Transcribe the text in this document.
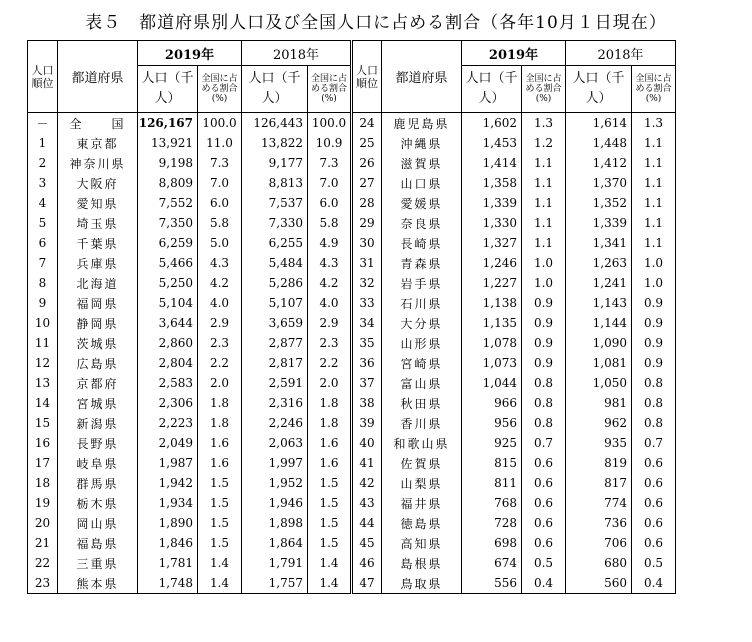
表５　都道府県別人口及び全国人口に占める割合（各年10月１日現在）
人口順位	都道府県	2019年		2018年		人口順位	都道府県	2019年		2018年	
		人口（千人）	全国に占める割合(%)	人口（千人）	全国に占める割合(%)			人口（千人）	全国に占める割合(%)	人口（千人）	全国に占める割合(%)
－	全　　国	126,167	100.0	126,443	100.0	24	鹿児島県	1,602	1.3	1,614	1.3
1	東京都	13,921	11.0	13,822	10.9	25	沖縄県	1,453	1.2	1,448	1.1
2	神奈川県	9,198	7.3	9,177	7.3	26	滋賀県	1,414	1.1	1,412	1.1
3	大阪府	8,809	7.0	8,813	7.0	27	山口県	1,358	1.1	1,370	1.1
4	愛知県	7,552	6.0	7,537	6.0	28	愛媛県	1,339	1.1	1,352	1.1
5	埼玉県	7,350	5.8	7,330	5.8	29	奈良県	1,330	1.1	1,339	1.1
6	千葉県	6,259	5.0	6,255	4.9	30	長崎県	1,327	1.1	1,341	1.1
7	兵庫県	5,466	4.3	5,484	4.3	31	青森県	1,246	1.0	1,263	1.0
8	北海道	5,250	4.2	5,286	4.2	32	岩手県	1,227	1.0	1,241	1.0
9	福岡県	5,104	4.0	5,107	4.0	33	石川県	1,138	0.9	1,143	0.9
10	静岡県	3,644	2.9	3,659	2.9	34	大分県	1,135	0.9	1,144	0.9
11	茨城県	2,860	2.3	2,877	2.3	35	山形県	1,078	0.9	1,090	0.9
12	広島県	2,804	2.2	2,817	2.2	36	宮崎県	1,073	0.9	1,081	0.9
13	京都府	2,583	2.0	2,591	2.0	37	富山県	1,044	0.8	1,050	0.8
14	宮城県	2,306	1.8	2,316	1.8	38	秋田県	966	0.8	981	0.8
15	新潟県	2,223	1.8	2,246	1.8	39	香川県	956	0.8	962	0.8
16	長野県	2,049	1.6	2,063	1.6	40	和歌山県	925	0.7	935	0.7
17	岐阜県	1,987	1.6	1,997	1.6	41	佐賀県	815	0.6	819	0.6
18	群馬県	1,942	1.5	1,952	1.5	42	山梨県	811	0.6	817	0.6
19	栃木県	1,934	1.5	1,946	1.5	43	福井県	768	0.6	774	0.6
20	岡山県	1,890	1.5	1,898	1.5	44	徳島県	728	0.6	736	0.6
21	福島県	1,846	1.5	1,864	1.5	45	高知県	698	0.6	706	0.6
22	三重県	1,781	1.4	1,791	1.4	46	島根県	674	0.5	680	0.5
23	熊本県	1,748	1.4	1,757	1.4	47	鳥取県	556	0.4	560	0.4
